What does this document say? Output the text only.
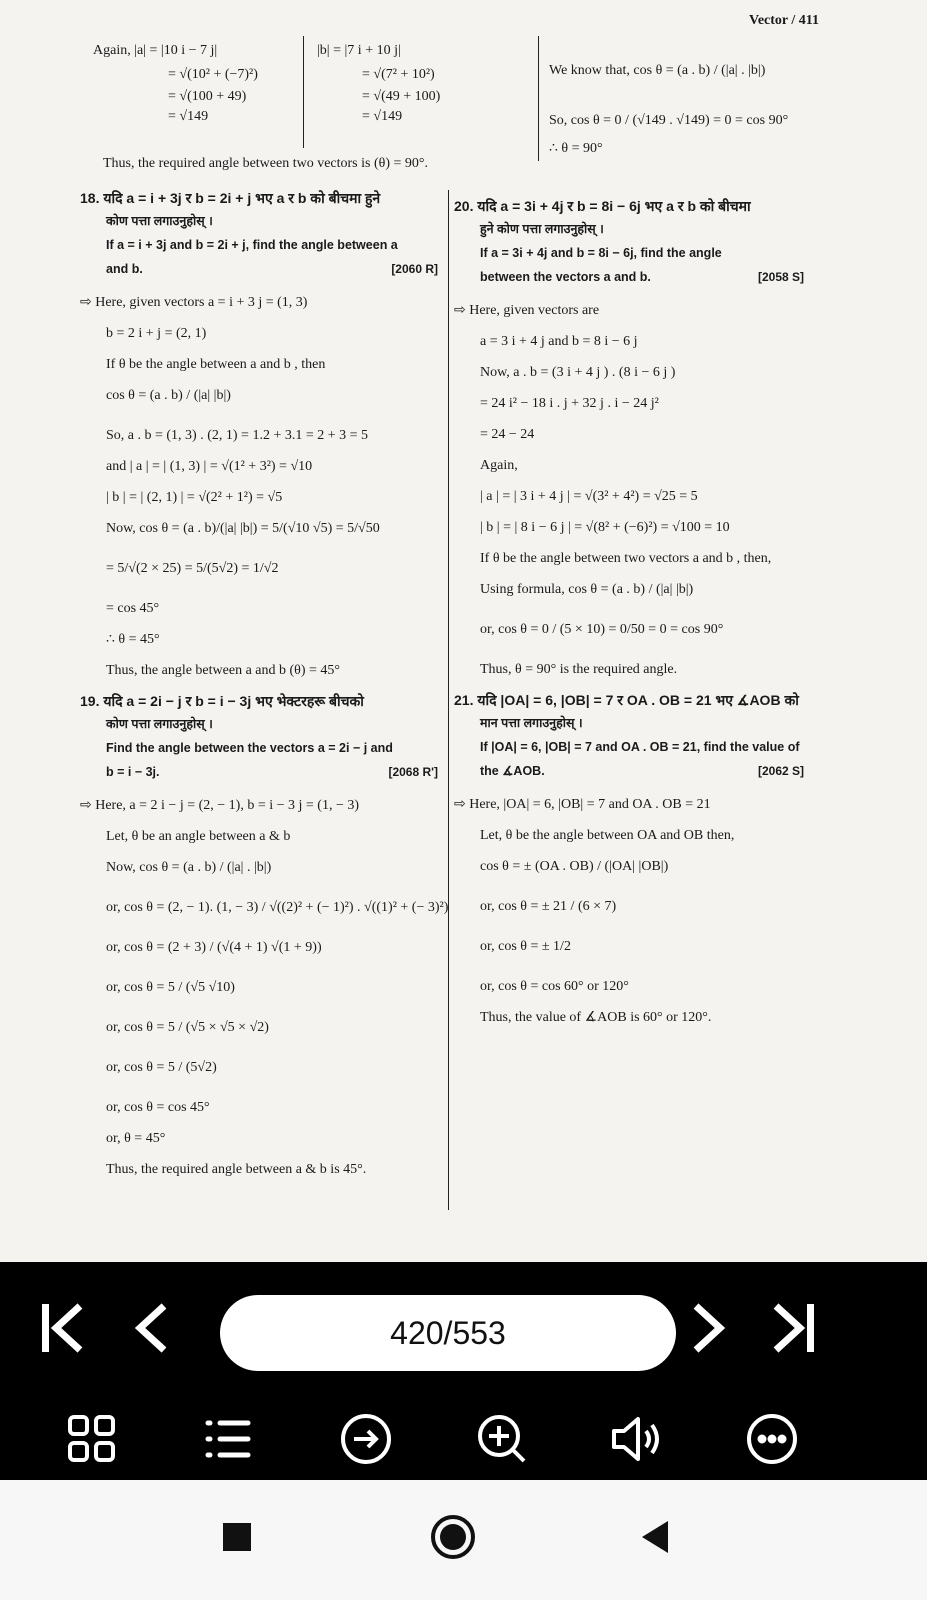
Vector / 411
Again, |a| = |10 i − 7 j|
= √(10² + (−7)²)
= √(100 + 49)
= √149
|b| = |7 i + 10 j|
= √(7² + 10²)
= √(49 + 100)
= √149
We know that, cos θ = (a . b) / (|a| . |b|)
So, cos θ = 0 / (√149 . √149) = 0 = cos 90°
∴ θ = 90°
Thus, the required angle between two vectors is (θ) = 90°.
18. यदि a = i + 3j र b = 2i + j भए a र b को बीचमा हुने
कोण पत्ता लगाउनुहोस् ।
If a = i + 3j and b = 2i + j, find the angle between a
and b.	[2060 R]
⇨ Here, given vectors a = i + 3 j = (1, 3)
b = 2 i + j = (2, 1)
If θ be the angle between a and b , then
cos θ = (a . b) / (|a| |b|)
So, a . b = (1, 3) . (2, 1) = 1.2 + 3.1 = 2 + 3 = 5
and | a | = | (1, 3) | = √(1² + 3²) = √10
| b | = | (2, 1) | = √(2² + 1²) = √5
Now, cos θ = (a . b)/(|a| |b|) = 5/(√10 √5) = 5/√50
= 5/√(2 × 25) = 5/(5√2) = 1/√2
= cos 45°
∴ θ = 45°
Thus, the angle between a and b (θ) = 45°
19. यदि a = 2i − j र b = i − 3j भए भेक्टरहरू बीचको
कोण पत्ता लगाउनुहोस् ।
Find the angle between the vectors a = 2i − j and
b = i − 3j.	[2068 R']
⇨ Here, a = 2 i − j = (2, − 1), b = i − 3 j = (1, − 3)
Let, θ be an angle between a & b
Now, cos θ = (a . b) / (|a| . |b|)
or, cos θ = (2, − 1). (1, − 3) / √((2)² + (− 1)²) . √((1)² + (− 3)²)
or, cos θ = (2 + 3) / (√(4 + 1) √(1 + 9))
or, cos θ = 5 / (√5 √10)
or, cos θ = 5 / (√5 × √5 × √2)
or, cos θ = 5 / (5√2)
or, cos θ = cos 45°
or, θ = 45°
Thus, the required angle between a & b is 45°.
20. यदि a = 3i + 4j र b = 8i − 6j भए a र b को बीचमा
हुने कोण पत्ता लगाउनुहोस् ।
If a = 3i + 4j and b = 8i − 6j, find the angle
between the vectors a and b.	[2058 S]
⇨ Here, given vectors are
a = 3 i + 4 j and b = 8 i − 6 j
Now, a . b = (3 i + 4 j ) . (8 i − 6 j )
= 24 i² − 18 i . j + 32 j . i − 24 j²
= 24 − 24
Again,
| a | = | 3 i + 4 j | = √(3² + 4²) = √25 = 5
| b | = | 8 i − 6 j | = √(8² + (−6)²) = √100 = 10
If θ be the angle between two vectors a and b , then,
Using formula, cos θ = (a . b) / (|a| |b|)
or, cos θ = 0 / (5 × 10) = 0/50 = 0 = cos 90°
Thus, θ = 90° is the required angle.
21. यदि |OA| = 6, |OB| = 7 र OA . OB = 21 भए ∡AOB को
मान पत्ता लगाउनुहोस् ।
If |OA| = 6, |OB| = 7 and OA . OB = 21, find the value of
the ∡AOB.	[2062 S]
⇨ Here, |OA| = 6, |OB| = 7 and OA . OB = 21
Let, θ be the angle between OA and OB then,
cos θ = ± (OA . OB) / (|OA| |OB|)
or, cos θ = ± 21 / (6 × 7)
or, cos θ = ± 1/2
or, cos θ = cos 60° or 120°
Thus, the value of ∡AOB is 60° or 120°.
420/553
